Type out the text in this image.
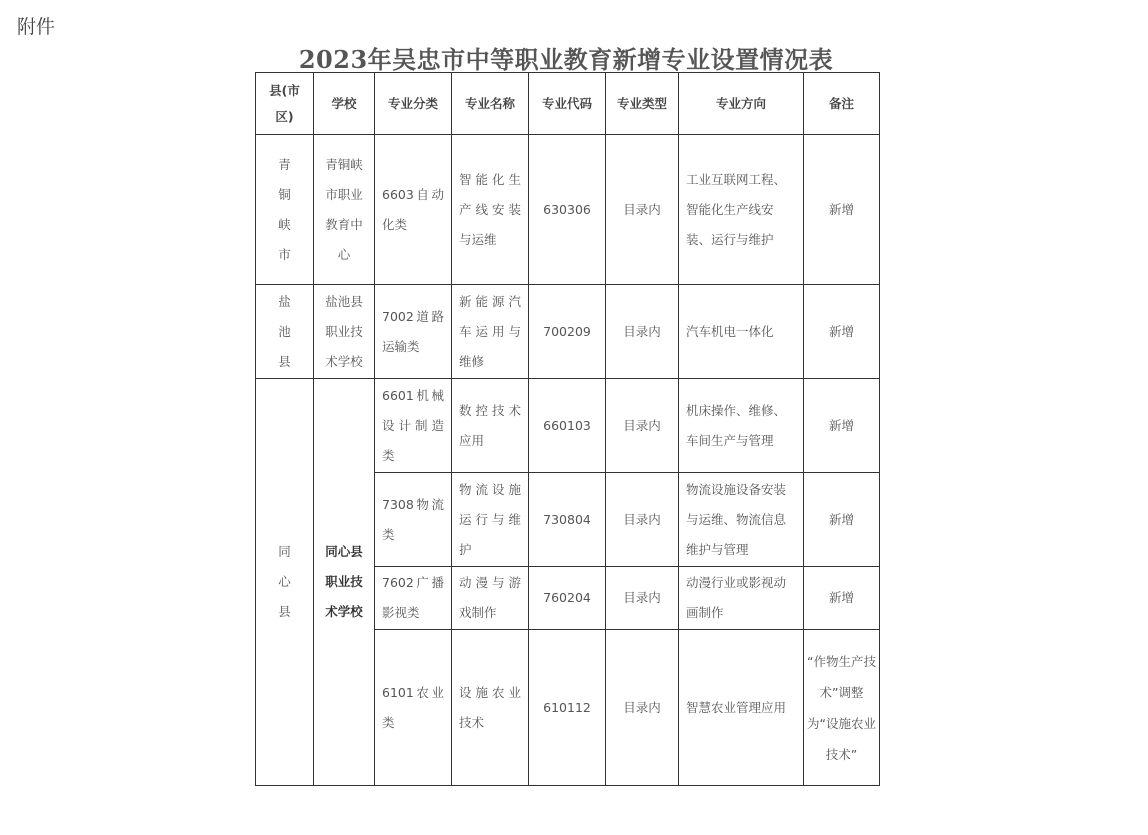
附件
2023年吴忠市中等职业教育新增专业设置情况表
县(市区)	学校	专业分类	专业名称	专业代码	专业类型	专业方向	备注

青铜峡市	青铜峡市职业教育中心	6603自动化类	智能化生产线安装与运维	630306	目录内	工业互联网工程、智能化生产线安装、运行与维护	新增

盐池县	盐池县职业技术学校	7002道路运输类	新能源汽车运用与维修	700209	目录内	汽车机电一体化	新增

同心县	同心县职业技术学校	6601机械设计制造类	数控技术应用	660103	目录内	机床操作、维修、车间生产与管理	新增
		7308物流类	物流设施运行与维护	730804	目录内	物流设施设备安装与运维、物流信息维护与管理	新增
		7602广播影视类	动漫与游戏制作	760204	目录内	动漫行业或影视动画制作	新增
		6101农业类	设施农业技术	610112	目录内	智慧农业管理应用	“作物生产技术”调整为“设施农业技术”
